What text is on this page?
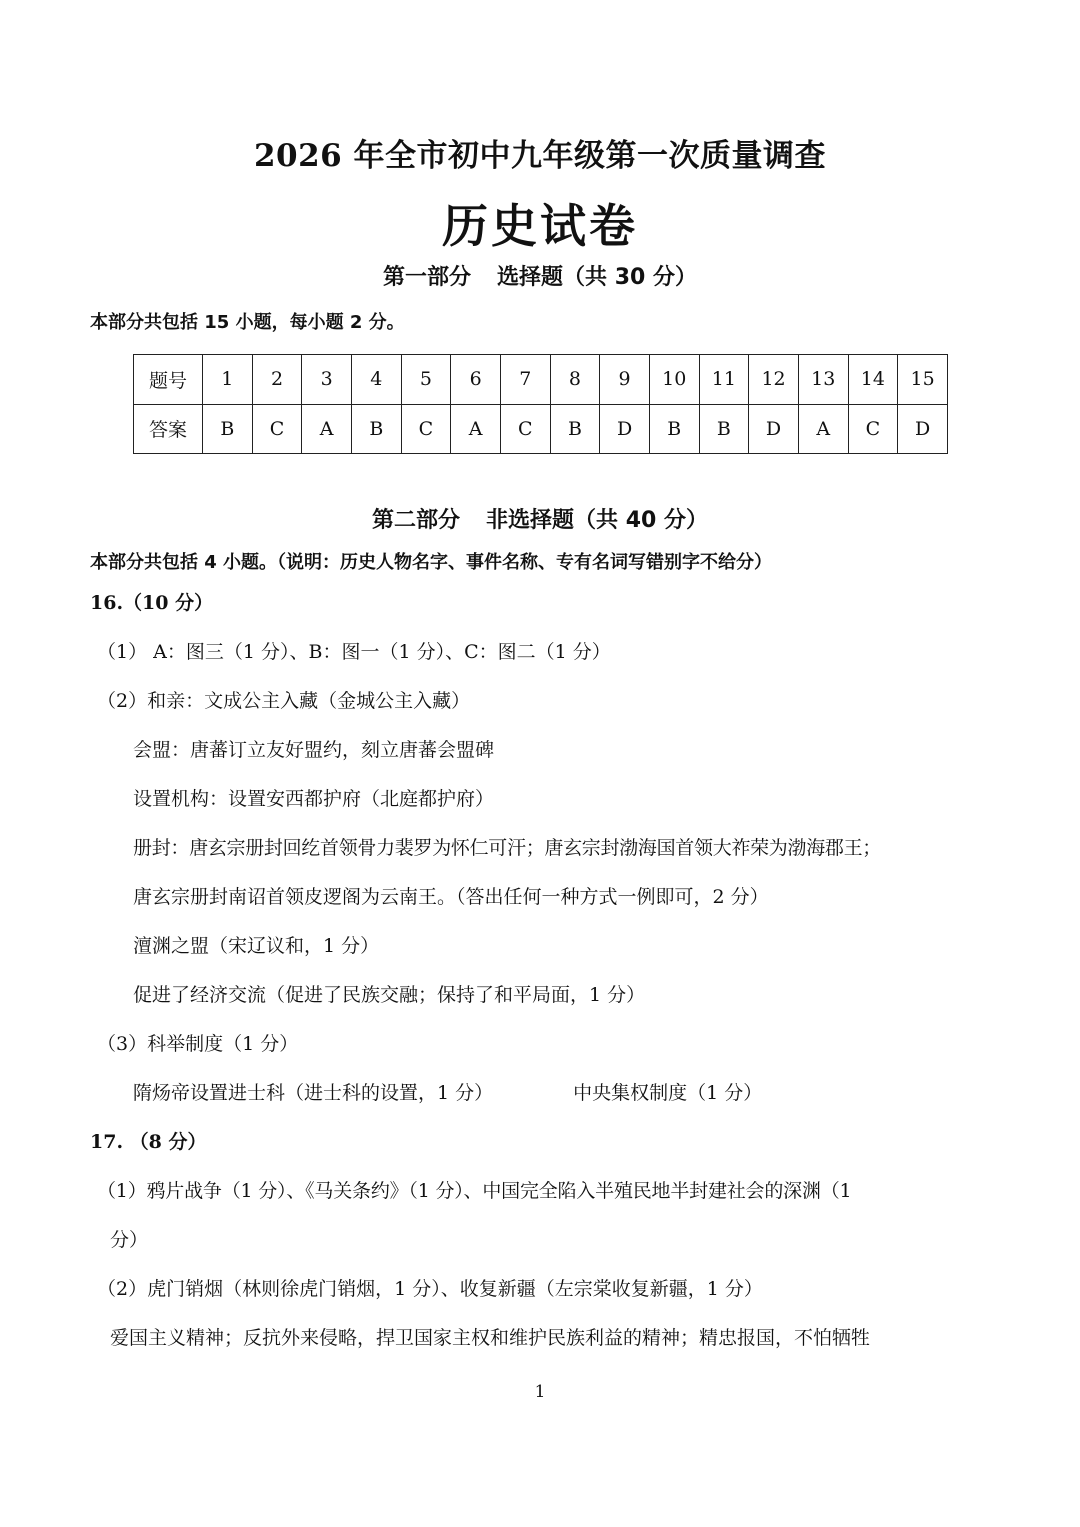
2026 年全市初中九年级第一次质量调查
历史试卷
第一部分 选择题（共 30 分）
本部分共包括 15 小题，每小题 2 分。
题号	1	2	3	4	5	6	7	8	9	10	11	12	13	14	15
答案	B	C	A	B	C	A	C	B	D	B	B	D	A	C	D
第二部分 非选择题（共 40 分）
本部分共包括 4 小题。（说明：历史人物名字、事件名称、专有名词写错别字不给分）
16.（10 分）
（1） A：图三（1 分）、B：图一（1 分）、C：图二（1 分）
（2）和亲：文成公主入藏（金城公主入藏）
会盟：唐蕃订立友好盟约，刻立唐蕃会盟碑
设置机构：设置安西都护府（北庭都护府）
册封：唐玄宗册封回纥首领骨力裴罗为怀仁可汗；唐玄宗封渤海国首领大祚荣为渤海郡王；
唐玄宗册封南诏首领皮逻阁为云南王。（答出任何一种方式一例即可，2 分）
澶渊之盟（宋辽议和，1 分）
促进了经济交流（促进了民族交融；保持了和平局面，1 分）
（3）科举制度（1 分）
隋炀帝设置进士科（进士科的设置，1 分）	中央集权制度（1 分）
17. （8 分）
（1）鸦片战争（1 分）、《马关条约》（1 分）、中国完全陷入半殖民地半封建社会的深渊（1
分）
（2）虎门销烟（林则徐虎门销烟，1 分）、收复新疆（左宗棠收复新疆，1 分）
爱国主义精神；反抗外来侵略，捍卫国家主权和维护民族利益的精神；精忠报国，不怕牺牲
1
